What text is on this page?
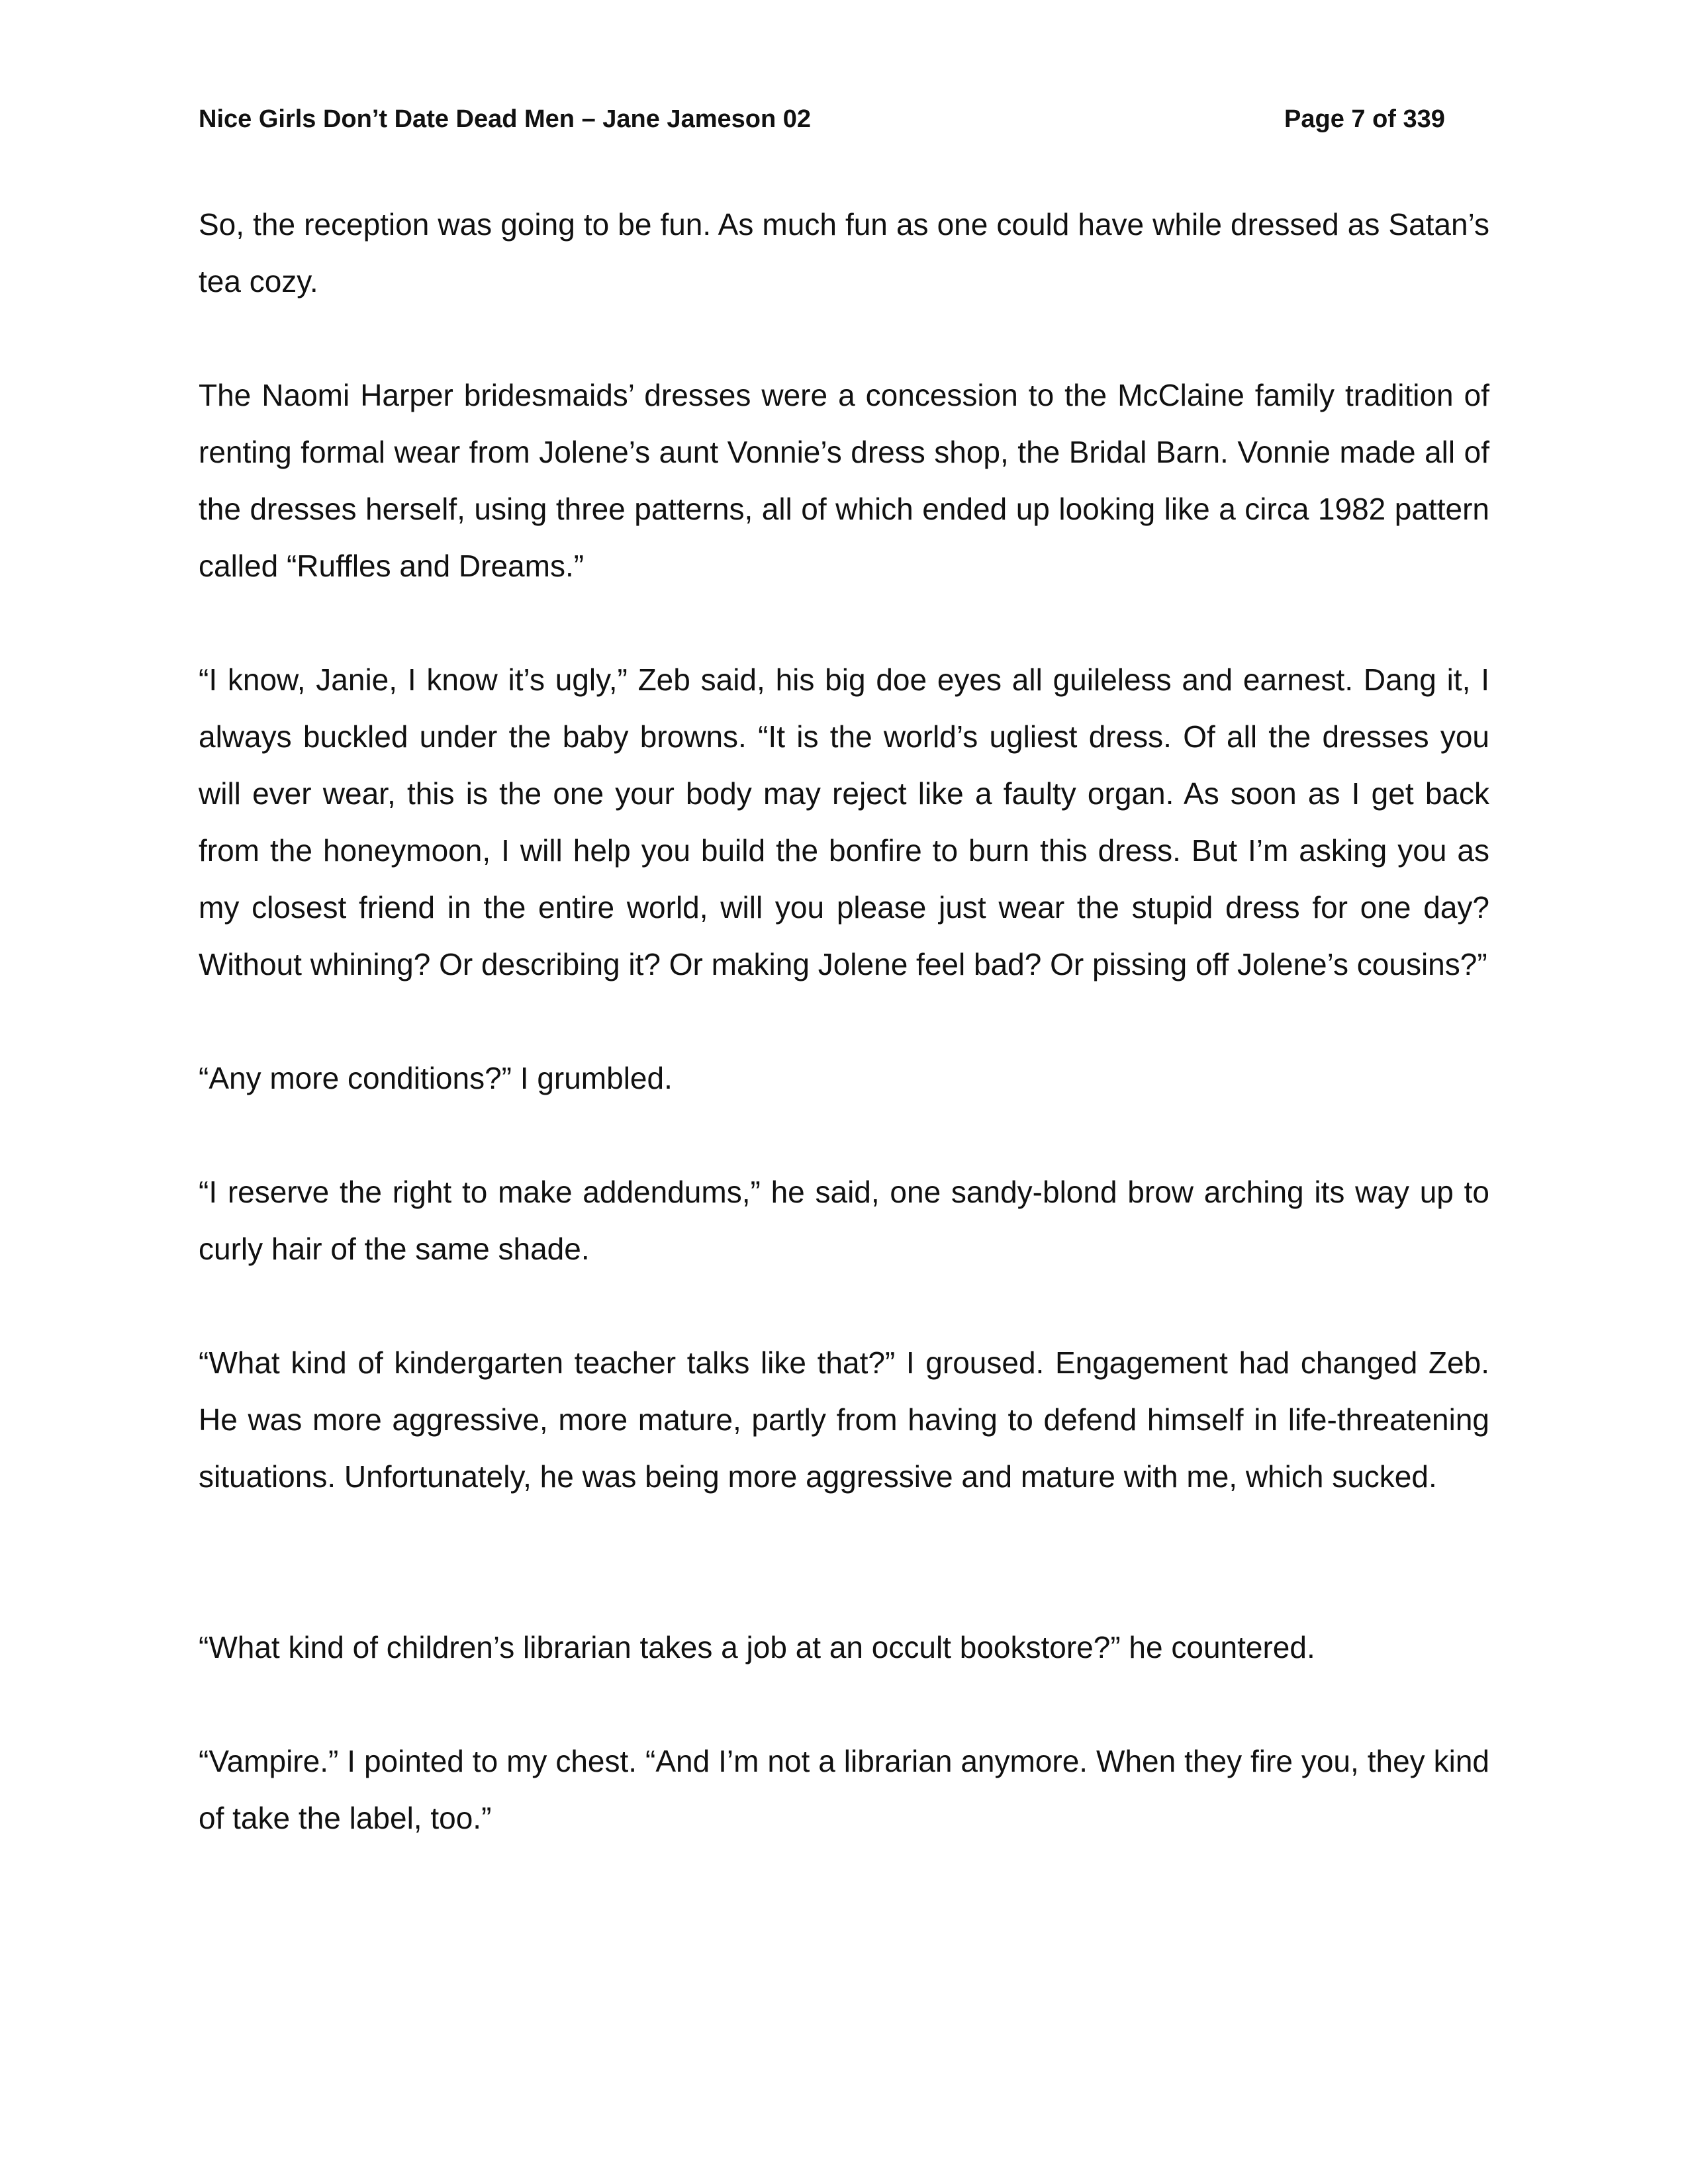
Nice Girls Don’t Date Dead Men – Jane Jameson 02	Page 7 of 339

So, the reception was going to be fun. As much fun as one could have while dressed as Satan’s tea cozy.

The Naomi Harper bridesmaids’ dresses were a concession to the McClaine family tradition of renting formal wear from Jolene’s aunt Vonnie’s dress shop, the Bridal Barn. Vonnie made all of the dresses herself, using three patterns, all of which ended up looking like a circa 1982 pattern called “Ruffles and Dreams.”

“I know, Janie, I know it’s ugly,” Zeb said, his big doe eyes all guileless and earnest. Dang it, I always buckled under the baby browns. “It is the world’s ugliest dress. Of all the dresses you will ever wear, this is the one your body may reject like a faulty organ. As soon as I get back from the honeymoon, I will help you build the bonfire to burn this dress. But I’m asking you as my closest friend in the entire world, will you please just wear the stupid dress for one day? Without whining? Or describing it? Or making Jolene feel bad? Or pissing off Jolene’s cousins?”

“Any more conditions?” I grumbled.

“I reserve the right to make addendums,” he said, one sandy-blond brow arching its way up to curly hair of the same shade.

“What kind of kindergarten teacher talks like that?” I groused. Engagement had changed Zeb. He was more aggressive, more mature, partly from having to defend himself in life-threatening situations. Unfortunately, he was being more aggressive and mature with me, which sucked.

“What kind of children’s librarian takes a job at an occult bookstore?” he countered.

“Vampire.” I pointed to my chest. “And I’m not a librarian anymore. When they fire you, they kind of take the label, too.”
